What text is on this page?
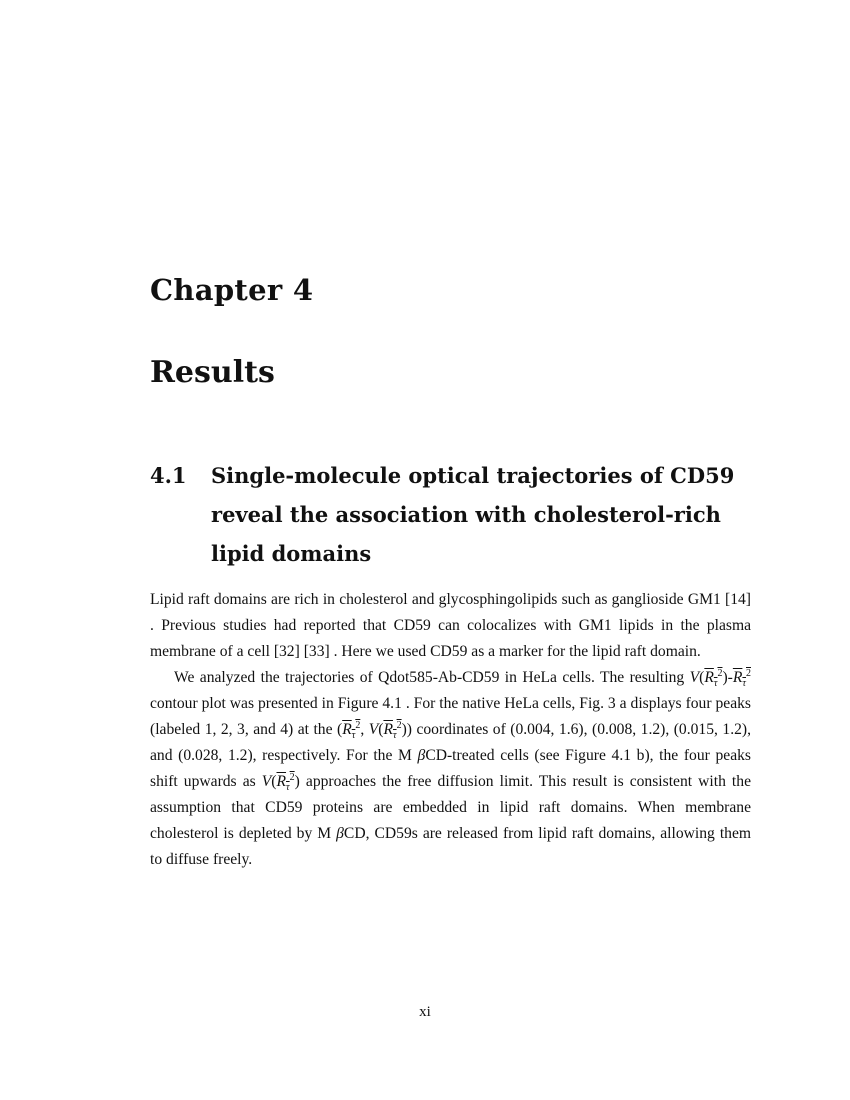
Chapter 4
Results
4.1 Single-molecule optical trajectories of CD59 reveal the association with cholesterol-rich lipid domains

Lipid raft domains are rich in cholesterol and glycosphingolipids such as ganglioside GM1 [14] . Previous studies had reported that CD59 can colocalizes with GM1 lipids in the plasma membrane of a cell [32] [33] . Here we used CD59 as a marker for the lipid raft domain.

We analyzed the trajectories of Qdot585-Ab-CD59 in HeLa cells. The resulting $V(R_\tau^2)-R_\tau^2$ contour plot was presented in Figure 4.1 . For the native HeLa cells, Fig. 3 a displays four peaks (labeled 1, 2, 3, and 4) at the ($R_\tau^2$, $V(R_\tau^2)$) coordinates of (0.004, 1.6), (0.008, 1.2), (0.015, 1.2), and (0.028, 1.2), respectively. For the M βCD-treated cells (see Figure 4.1 b), the four peaks shift upwards as $V(R_\tau^2)$ approaches the free diffusion limit. This result is consistent with the assumption that CD59 proteins are embedded in lipid raft domains. When membrane cholesterol is depleted by M βCD, CD59s are released from lipid raft domains, allowing them to diffuse freely.

xi
